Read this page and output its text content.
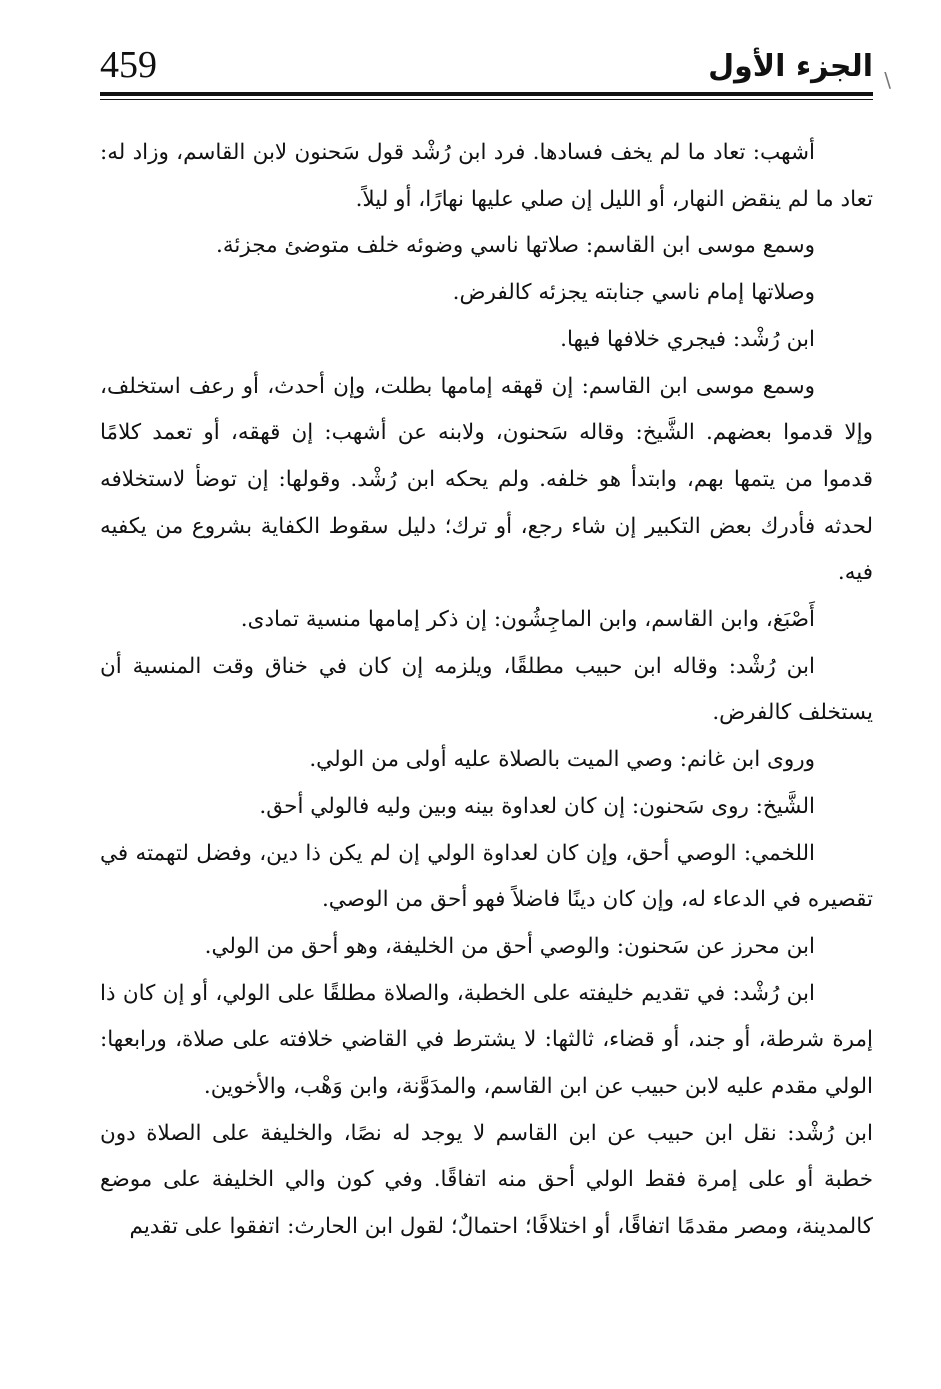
459	الجزء الأول \

أشهب: تعاد ما لم يخف فسادها. فرد ابن رُشْد قول سَحنون لابن القاسم، وزاد له: تعاد ما لم ينقض النهار، أو الليل إن صلي عليها نهارًا، أو ليلاً.

وسمع موسى ابن القاسم: صلاتها ناسي وضوئه خلف متوضئ مجزئة.

وصلاتها إمام ناسي جنابته يجزئه كالفرض.

ابن رُشْد: فيجري خلافها فيها.

وسمع موسى ابن القاسم: إن قهقه إمامها بطلت، وإن أحدث، أو رعف استخلف، وإلا قدموا بعضهم. الشَّيخ: وقاله سَحنون، ولابنه عن أشهب: إن قهقه، أو تعمد كلامًا قدموا من يتمها بهم، وابتدأ هو خلفه. ولم يحكه ابن رُشْد. وقولها: إن توضأ لاستخلافه لحدثه فأدرك بعض التكبير إن شاء رجع، أو ترك؛ دليل سقوط الكفاية بشروع من يكفيه فيه.

أَصْبَغ، وابن القاسم، وابن الماجِشُون: إن ذكر إمامها منسية تمادى.

ابن رُشْد: وقاله ابن حبيب مطلقًا، ويلزمه إن كان في خناق وقت المنسية أن يستخلف كالفرض.

وروى ابن غانم: وصي الميت بالصلاة عليه أولى من الولي.

الشَّيخ: روى سَحنون: إن كان لعداوة بينه وبين وليه فالولي أحق.

اللخمي: الوصي أحق، وإن كان لعداوة الولي إن لم يكن ذا دين، وفضل لتهمته في تقصيره في الدعاء له، وإن كان دينًا فاضلاً فهو أحق من الوصي.

ابن محرز عن سَحنون: والوصي أحق من الخليفة، وهو أحق من الولي.

ابن رُشْد: في تقديم خليفته على الخطبة، والصلاة مطلقًا على الولي، أو إن كان ذا إمرة شرطة، أو جند، أو قضاء، ثالثها: لا يشترط في القاضي خلافته على صلاة، ورابعها: الولي مقدم عليه لابن حبيب عن ابن القاسم، والمدَوَّنة، وابن وَهْب، والأخوين.

ابن رُشْد: نقل ابن حبيب عن ابن القاسم لا يوجد له نصًا، والخليفة على الصلاة دون خطبة أو على إمرة فقط الولي أحق منه اتفاقًا. وفي كون والي الخليفة على موضع كالمدينة، ومصر مقدمًا اتفاقًا، أو اختلافًا؛ احتمالٌ؛ لقول ابن الحارث: اتفقوا على تقديم
